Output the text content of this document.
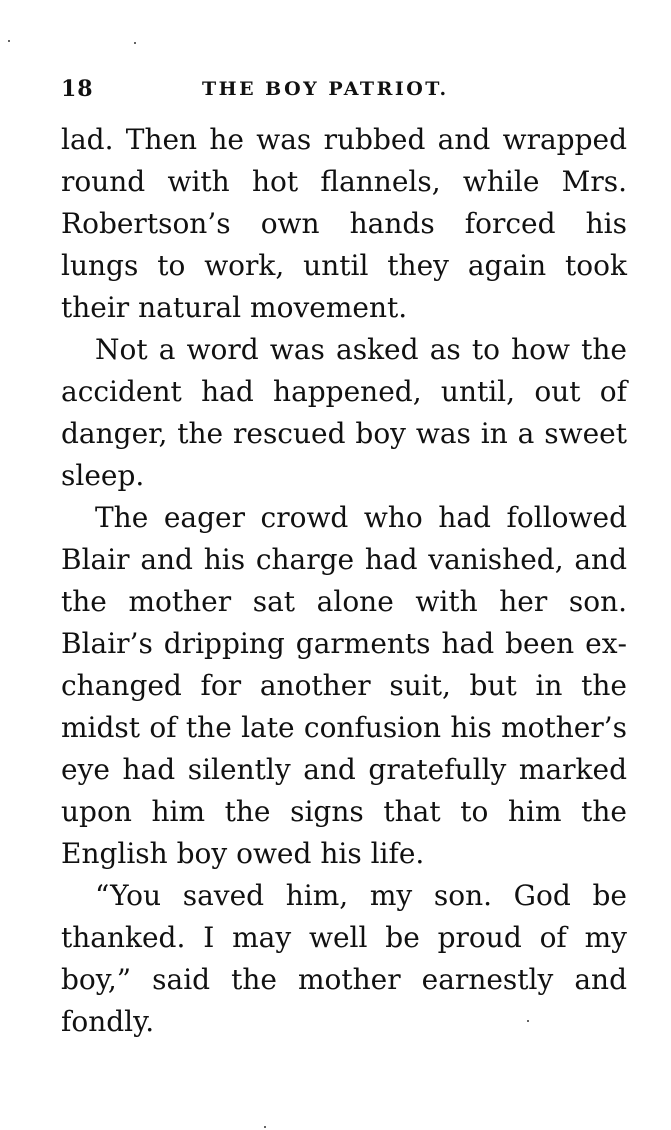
18	THE BOY PATRIOT.

lad. Then he was rubbed and wrapped round with hot flannels, while Mrs. Robertson’s own hands forced his lungs to work, until they again took their natural movement.

Not a word was asked as to how the accident had happened, until, out of danger, the rescued boy was in a sweet sleep.

The eager crowd who had followed Blair and his charge had vanished, and the mother sat alone with her son. Blair’s dripping garments had been exchanged for another suit, but in the midst of the late confusion his mother’s eye had silently and gratefully marked upon him the signs that to him the English boy owed his life.

“You saved him, my son. God be thanked. I may well be proud of my boy,” said the mother earnestly and fondly.
